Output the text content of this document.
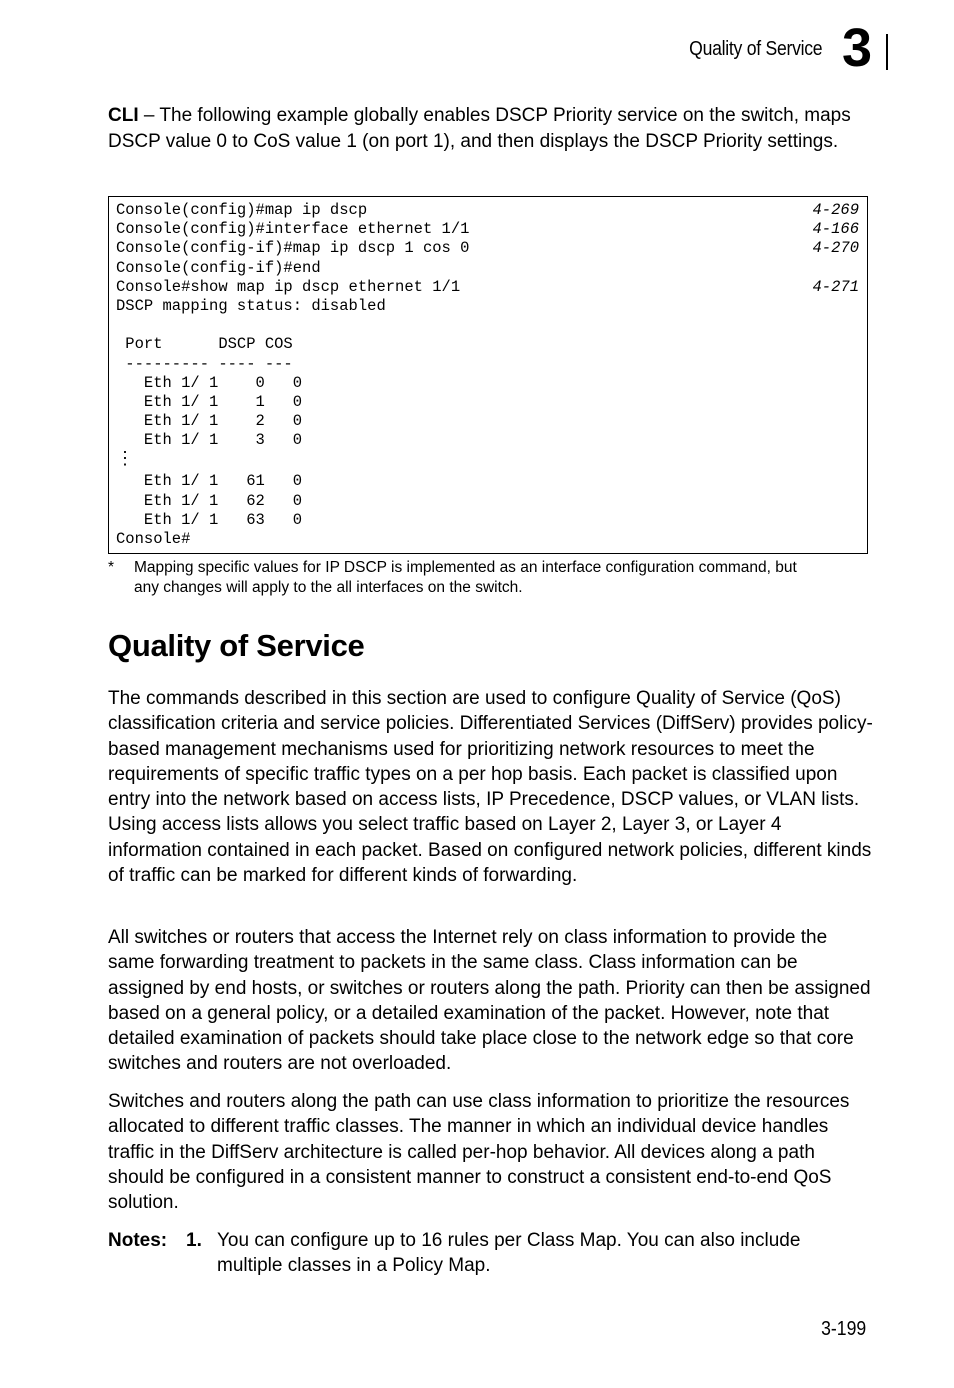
Quality of Service 3

CLI – The following example globally enables DSCP Priority service on the switch, maps DSCP value 0 to CoS value 1 (on port 1), and then displays the DSCP Priority settings.

Console(config)#map ip dscp	4-269
Console(config)#interface ethernet 1/1	4-166
Console(config-if)#map ip dscp 1 cos 0	4-270
Console(config-if)#end
Console#show map ip dscp ethernet 1/1	4-271
DSCP mapping status: disabled
Port      DSCP COS
--------- ---- ---
Eth 1/ 1    0   0
Eth 1/ 1    1   0
Eth 1/ 1    2   0
Eth 1/ 1    3   0
⋮
Eth 1/ 1   61   0
Eth 1/ 1   62   0
Eth 1/ 1   63   0
Console#
* Mapping specific values for IP DSCP is implemented as an interface configuration command, but any changes will apply to the all interfaces on the switch.
Quality of Service

The commands described in this section are used to configure Quality of Service (QoS) classification criteria and service policies. Differentiated Services (DiffServ) provides policy-based management mechanisms used for prioritizing network resources to meet the requirements of specific traffic types on a per hop basis. Each packet is classified upon entry into the network based on access lists, IP Precedence, DSCP values, or VLAN lists. Using access lists allows you select traffic based on Layer 2, Layer 3, or Layer 4 information contained in each packet. Based on configured network policies, different kinds of traffic can be marked for different kinds of forwarding.

All switches or routers that access the Internet rely on class information to provide the same forwarding treatment to packets in the same class. Class information can be assigned by end hosts, or switches or routers along the path. Priority can then be assigned based on a general policy, or a detailed examination of the packet. However, note that detailed examination of packets should take place close to the network edge so that core switches and routers are not overloaded.

Switches and routers along the path can use class information to prioritize the resources allocated to different traffic classes. The manner in which an individual device handles traffic in the DiffServ architecture is called per-hop behavior. All devices along a path should be configured in a consistent manner to construct a consistent end-to-end QoS solution.

Notes: 1. You can configure up to 16 rules per Class Map. You can also include multiple classes in a Policy Map.
3-199
